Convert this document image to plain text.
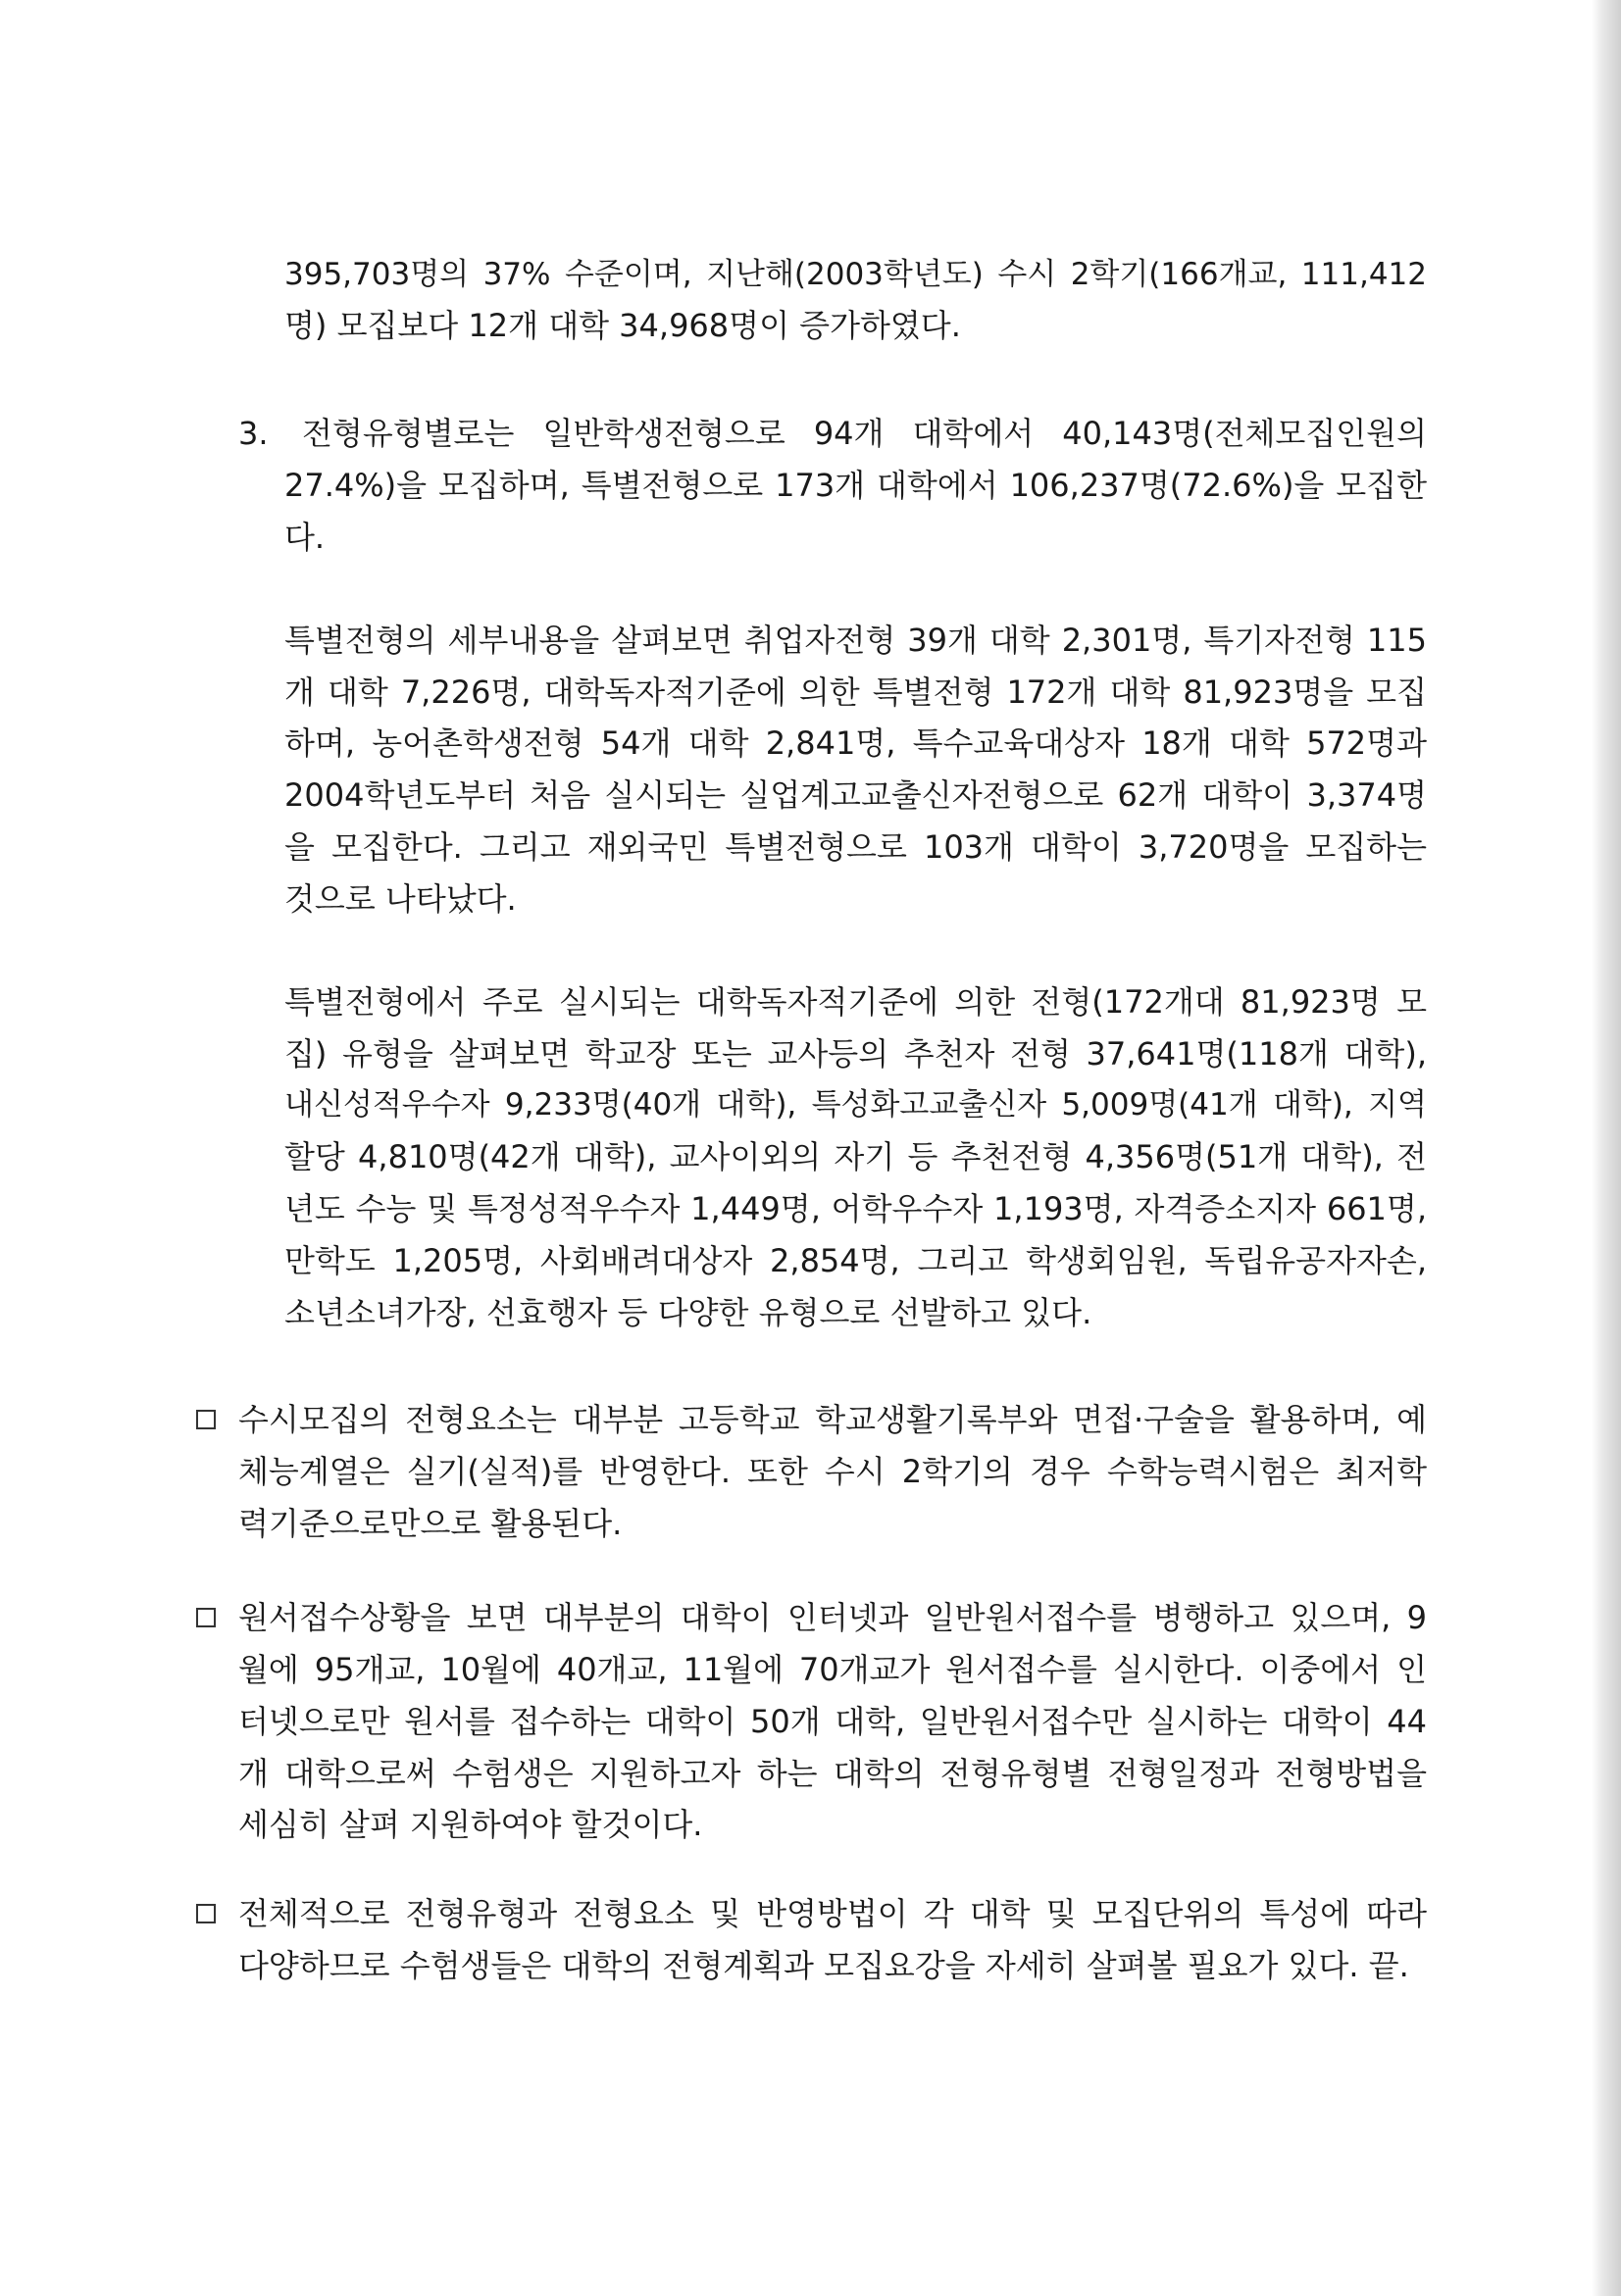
395,703명의 37% 수준이며, 지난해(2003학년도) 수시 2학기(166개교, 111,412
명) 모집보다 12개 대학 34,968명이 증가하였다.
3. 전형유형별로는 일반학생전형으로 94개 대학에서 40,143명(전체모집인원의
27.4%)을 모집하며, 특별전형으로 173개 대학에서 106,237명(72.6%)을 모집한
다.
특별전형의 세부내용을 살펴보면 취업자전형 39개 대학 2,301명, 특기자전형 115
개 대학 7,226명, 대학독자적기준에 의한 특별전형 172개 대학 81,923명을 모집
하며, 농어촌학생전형 54개 대학 2,841명, 특수교육대상자 18개 대학 572명과
2004학년도부터 처음 실시되는 실업계고교출신자전형으로 62개 대학이 3,374명
을 모집한다. 그리고 재외국민 특별전형으로 103개 대학이 3,720명을 모집하는
것으로 나타났다.
특별전형에서 주로 실시되는 대학독자적기준에 의한 전형(172개대 81,923명 모
집) 유형을 살펴보면 학교장 또는 교사등의 추천자 전형 37,641명(118개 대학),
내신성적우수자 9,233명(40개 대학), 특성화고교출신자 5,009명(41개 대학), 지역
할당 4,810명(42개 대학), 교사이외의 자기 등 추천전형 4,356명(51개 대학), 전
년도 수능 및 특정성적우수자 1,449명, 어학우수자 1,193명, 자격증소지자 661명,
만학도 1,205명, 사회배려대상자 2,854명, 그리고 학생회임원, 독립유공자자손,
소년소녀가장, 선효행자 등 다양한 유형으로 선발하고 있다.
수시모집의 전형요소는 대부분 고등학교 학교생활기록부와 면접·구술을 활용하며, 예
체능계열은 실기(실적)를 반영한다. 또한 수시 2학기의 경우 수학능력시험은 최저학
력기준으로만으로 활용된다.
원서접수상황을 보면 대부분의 대학이 인터넷과 일반원서접수를 병행하고 있으며, 9
월에 95개교, 10월에 40개교, 11월에 70개교가 원서접수를 실시한다. 이중에서 인
터넷으로만 원서를 접수하는 대학이 50개 대학, 일반원서접수만 실시하는 대학이 44
개 대학으로써 수험생은 지원하고자 하는 대학의 전형유형별 전형일정과 전형방법을
세심히 살펴 지원하여야 할것이다.
전체적으로 전형유형과 전형요소 및 반영방법이 각 대학 및 모집단위의 특성에 따라
다양하므로 수험생들은 대학의 전형계획과 모집요강을 자세히 살펴볼 필요가 있다. 끝.
